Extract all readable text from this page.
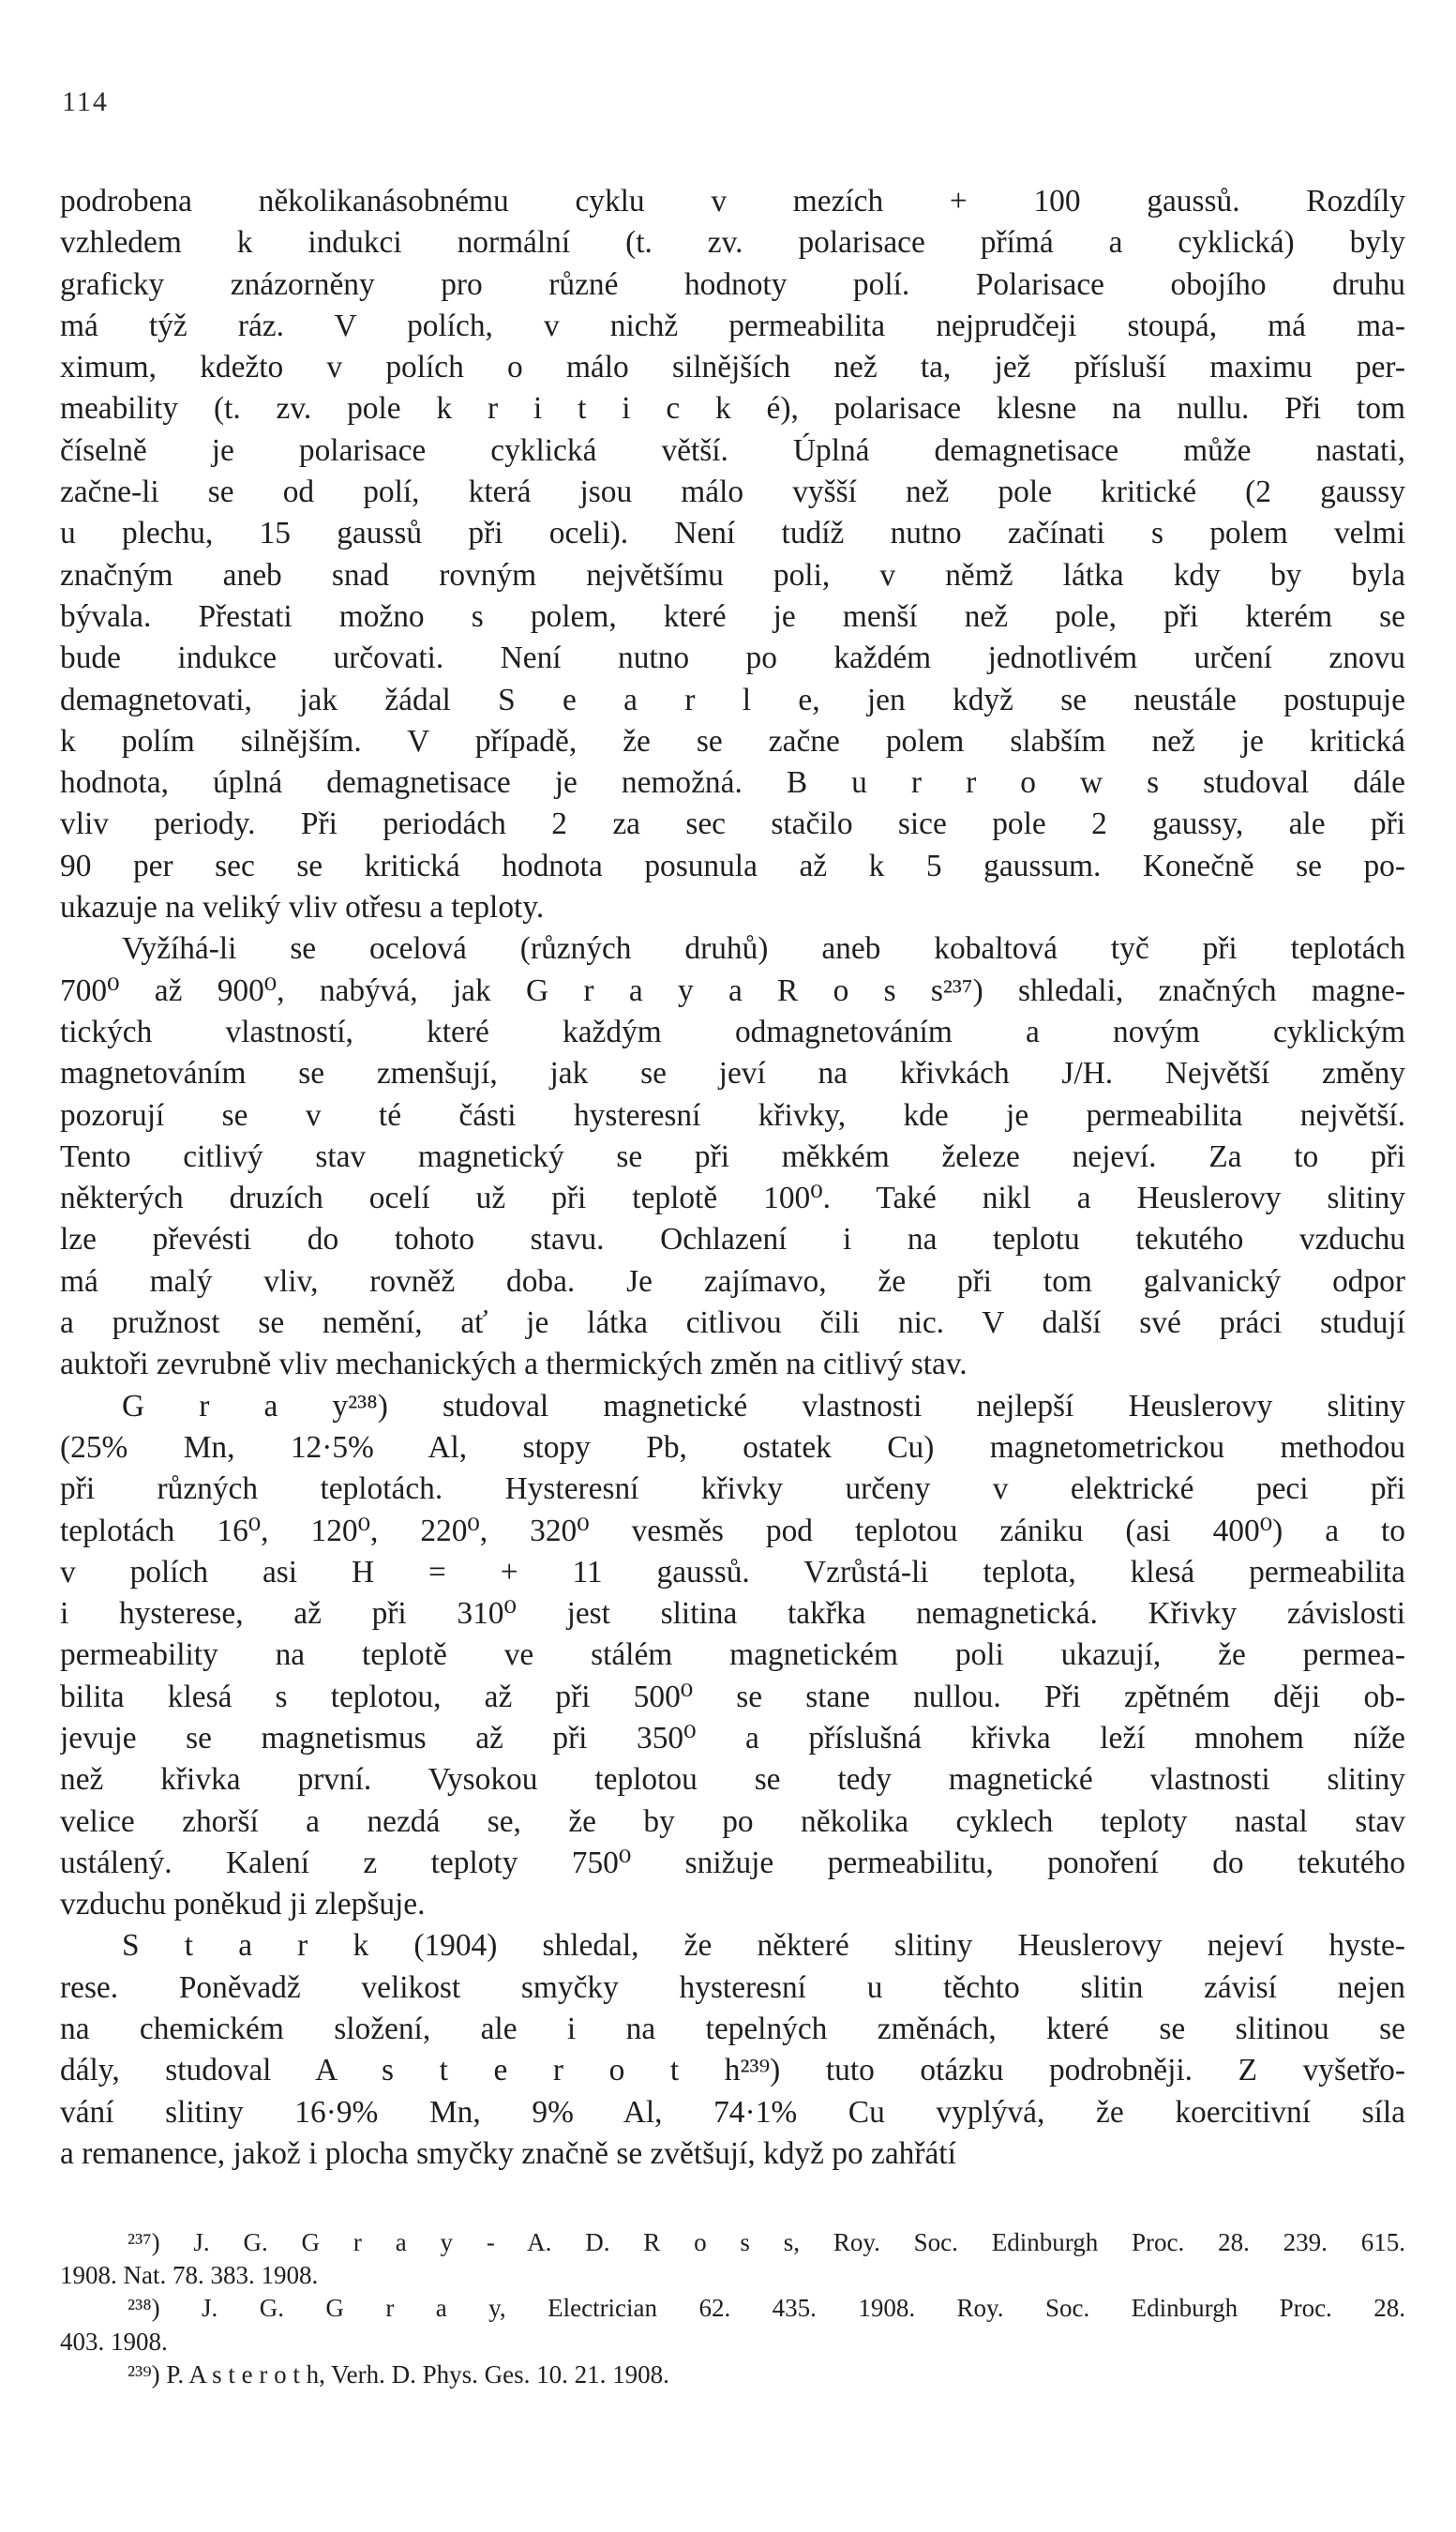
114
podrobena několikanásobnému cyklu v mezích + 100 gaussů. Rozdíly
vzhledem k indukci normální (t. zv. polarisace přímá a cyklická) byly
graficky znázorněny pro různé hodnoty polí. Polarisace obojího druhu
má týž ráz. V polích, v nichž permeabilita nejprudčeji stoupá, má ma-
ximum, kdežto v polích o málo silnějších než ta, jež přísluší maximu per-
meability (t. zv. pole k r i t i c k é), polarisace klesne na nullu. Při tom
číselně je polarisace cyklická větší. Úplná demagnetisace může nastati,
začne-li se od polí, která jsou málo vyšší než pole kritické (2 gaussy
u plechu, 15 gaussů při oceli). Není tudíž nutno začínati s polem velmi
značným aneb snad rovným největšímu poli, v němž látka kdy by byla
bývala. Přestati možno s polem, které je menší než pole, při kterém se
bude indukce určovati. Není nutno po každém jednotlivém určení znovu
demagnetovati, jak žádal S e a r l e, jen když se neustále postupuje
k polím silnějším. V případě, že se začne polem slabším než je kritická
hodnota, úplná demagnetisace je nemožná. B u r r o w s studoval dále
vliv periody. Při periodách 2 za sec stačilo sice pole 2 gaussy, ale při
90 per sec se kritická hodnota posunula až k 5 gaussum. Konečně se po-
ukazuje na veliký vliv otřesu a teploty.
Vyžíhá-li se ocelová (různých druhů) aneb kobaltová tyč při teplotách
700⁰ až 900⁰, nabývá, jak G r a y a R o s s²³⁷) shledali, značných magne-
tických vlastností, které každým odmagnetováním a novým cyklickým
magnetováním se zmenšují, jak se jeví na křivkách J/H. Největší změny
pozorují se v té části hysteresní křivky, kde je permeabilita největší.
Tento citlivý stav magnetický se při měkkém železe nejeví. Za to při
některých druzích ocelí už při teplotě 100⁰. Také nikl a Heuslerovy slitiny
lze převésti do tohoto stavu. Ochlazení i na teplotu tekutého vzduchu
má malý vliv, rovněž doba. Je zajímavo, že při tom galvanický odpor
a pružnost se nemění, ať je látka citlivou čili nic. V další své práci studují
auktoři zevrubně vliv mechanických a thermických změn na citlivý stav.
G r a y²³⁸) studoval magnetické vlastnosti nejlepší Heuslerovy slitiny
(25% Mn, 12·5% Al, stopy Pb, ostatek Cu) magnetometrickou methodou
při různých teplotách. Hysteresní křivky určeny v elektrické peci při
teplotách 16⁰, 120⁰, 220⁰, 320⁰ vesměs pod teplotou zániku (asi 400⁰) a to
v polích asi H = + 11 gaussů. Vzrůstá-li teplota, klesá permeabilita
i hysterese, až při 310⁰ jest slitina takřka nemagnetická. Křivky závislosti
permeability na teplotě ve stálém magnetickém poli ukazují, že permea-
bilita klesá s teplotou, až při 500⁰ se stane nullou. Při zpětném ději ob-
jevuje se magnetismus až při 350⁰ a příslušná křivka leží mnohem níže
než křivka první. Vysokou teplotou se tedy magnetické vlastnosti slitiny
velice zhorší a nezdá se, že by po několika cyklech teploty nastal stav
ustálený. Kalení z teploty 750⁰ snižuje permeabilitu, ponoření do tekutého
vzduchu poněkud ji zlepšuje.
S t a r k (1904) shledal, že některé slitiny Heuslerovy nejeví hyste-
rese. Poněvadž velikost smyčky hysteresní u těchto slitin závisí nejen
na chemickém složení, ale i na tepelných změnách, které se slitinou se
dály, studoval A s t e r o t h²³⁹) tuto otázku podrobněji. Z vyšetřo-
vání slitiny 16·9% Mn, 9% Al, 74·1% Cu vyplývá, že koercitivní síla
a remanence, jakož i plocha smyčky značně se zvětšují, když po zahřátí
²³⁷) J. G. G r a y - A. D. R o s s, Roy. Soc. Edinburgh Proc. 28. 239. 615.
1908. Nat. 78. 383. 1908.
²³⁸) J. G. G r a y, Electrician 62. 435. 1908. Roy. Soc. Edinburgh Proc. 28.
403. 1908.
²³⁹) P. A s t e r o t h, Verh. D. Phys. Ges. 10. 21. 1908.
